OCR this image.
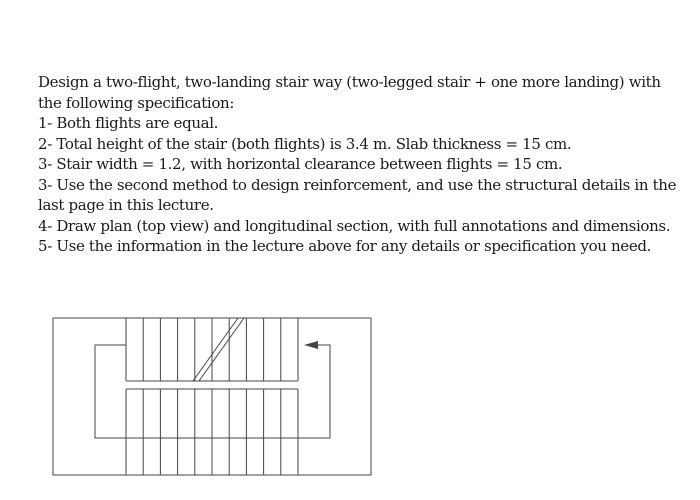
Design a two-flight, two-landing stair way (two-legged stair + one more landing) with the following specification:

1- Both flights are equal.

2- Total height of the stair (both flights) is 3.4 m. Slab thickness = 15 cm.

3- Stair width = 1.2, with horizontal clearance between flights = 15 cm.

3- Use the second method to design reinforcement, and use the structural details in the last page in this lecture.

4- Draw plan (top view) and longitudinal section, with full annotations and dimensions.

5- Use the information in the lecture above for any details or specification you need.
